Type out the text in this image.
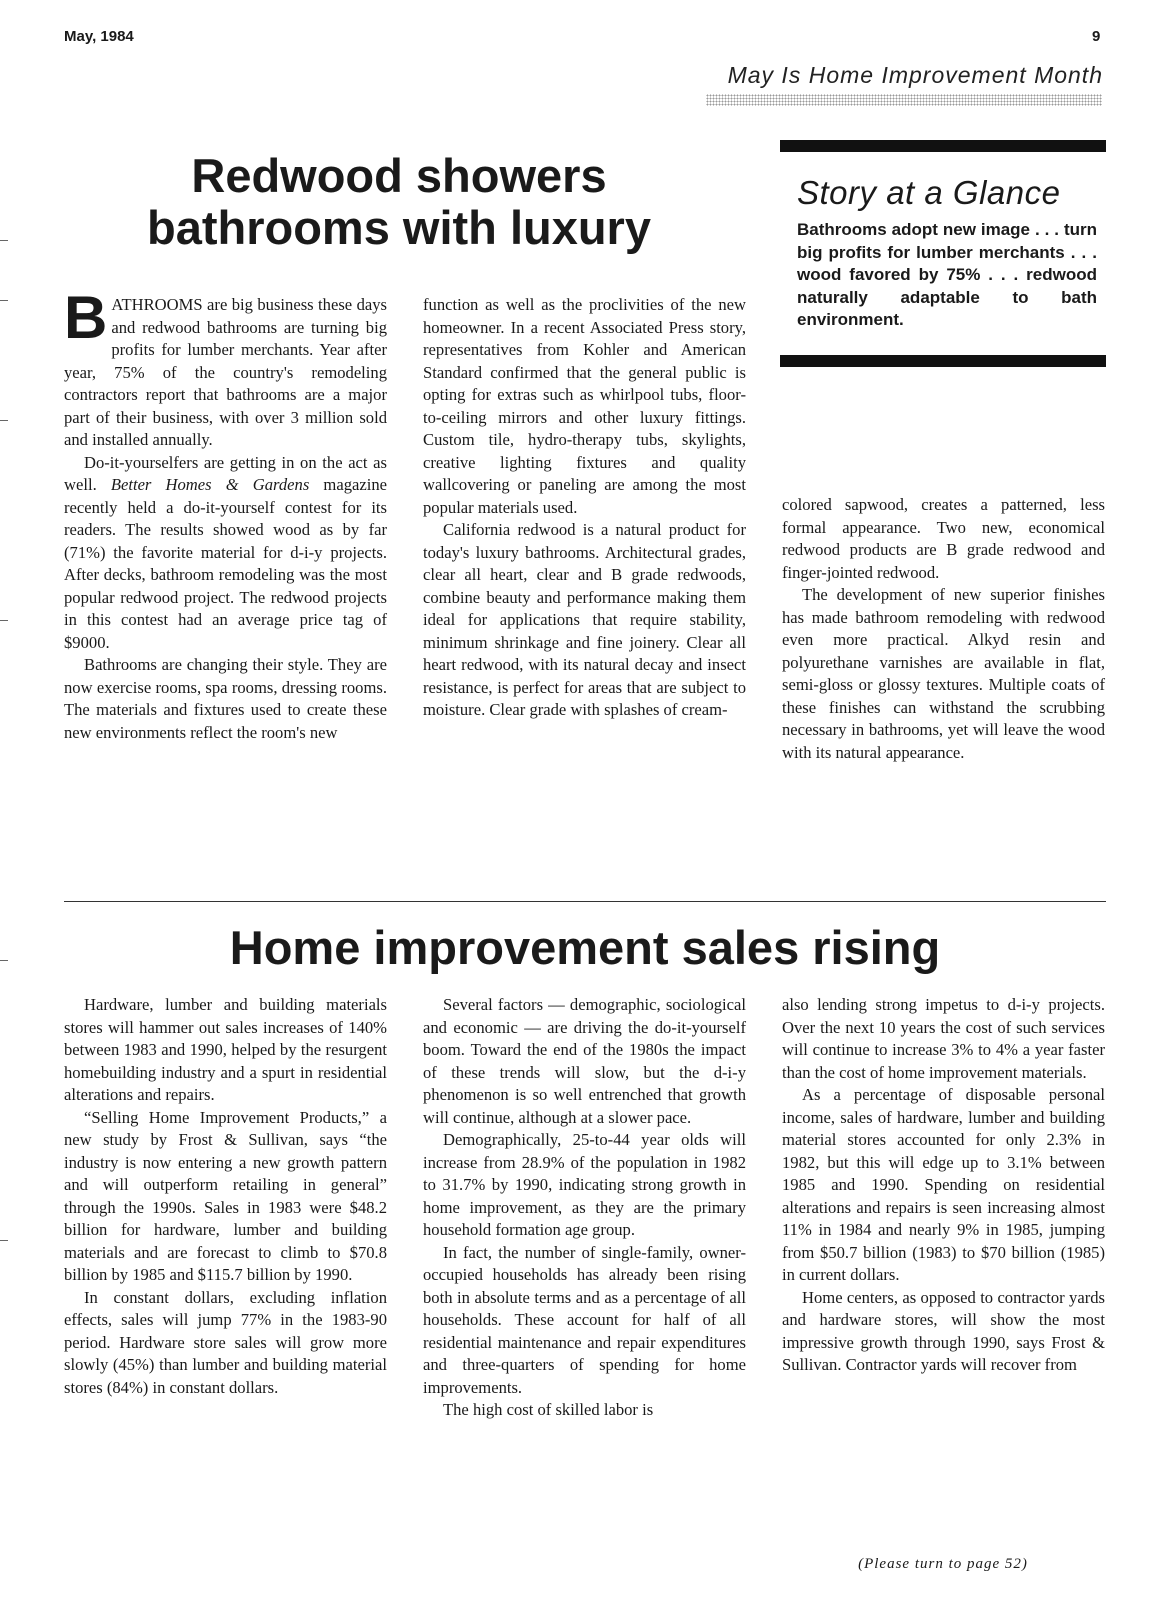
May, 1984	9
May Is Home Improvement Month
Redwood showers
bathrooms with luxury

BATHROOMS are big business these days and redwood bathrooms are turning big profits for lumber merchants. Year after year, 75% of the country's remodeling contractors report that bathrooms are a major part of their business, with over 3 million sold and installed annually.

Do-it-yourselfers are getting in on the act as well. Better Homes & Gardens magazine recently held a do-it-yourself contest for its readers. The results showed wood as by far (71%) the favorite material for d-i-y projects. After decks, bathroom remodeling was the most popular redwood project. The redwood projects in this contest had an average price tag of $9000.

Bathrooms are changing their style. They are now exercise rooms, spa rooms, dressing rooms. The materials and fixtures used to create these new environments reflect the room's new

function as well as the proclivities of the new homeowner. In a recent Associated Press story, representatives from Kohler and American Standard confirmed that the general public is opting for extras such as whirlpool tubs, floor-to-ceiling mirrors and other luxury fittings. Custom tile, hydro-therapy tubs, skylights, creative lighting fixtures and quality wallcovering or paneling are among the most popular materials used.

California redwood is a natural product for today's luxury bathrooms. Architectural grades, clear all heart, clear and B grade redwoods, combine beauty and performance making them ideal for applications that require stability, minimum shrinkage and fine joinery. Clear all heart redwood, with its natural decay and insect resistance, is perfect for areas that are subject to moisture. Clear grade with splashes of cream-

Story at a Glance
Bathrooms adopt new image . . . turn big profits for lumber merchants . . . wood favored by 75% . . . redwood naturally adaptable to bath environment.

colored sapwood, creates a patterned, less formal appearance. Two new, economical redwood products are B grade redwood and finger-jointed redwood.

The development of new superior finishes has made bathroom remodeling with redwood even more practical. Alkyd resin and polyurethane varnishes are available in flat, semi-gloss or glossy textures. Multiple coats of these finishes can withstand the scrubbing necessary in bathrooms, yet will leave the wood with its natural appearance.

Home improvement sales rising

Hardware, lumber and building materials stores will hammer out sales increases of 140% between 1983 and 1990, helped by the resurgent homebuilding industry and a spurt in residential alterations and repairs.

“Selling Home Improvement Products,” a new study by Frost & Sullivan, says “the industry is now entering a new growth pattern and will outperform retailing in general” through the 1990s. Sales in 1983 were $48.2 billion for hardware, lumber and building materials and are forecast to climb to $70.8 billion by 1985 and $115.7 billion by 1990.

In constant dollars, excluding inflation effects, sales will jump 77% in the 1983-90 period. Hardware store sales will grow more slowly (45%) than lumber and building material stores (84%) in constant dollars.

Several factors — demographic, sociological and economic — are driving the do-it-yourself boom. Toward the end of the 1980s the impact of these trends will slow, but the d-i-y phenomenon is so well entrenched that growth will continue, although at a slower pace.

Demographically, 25-to-44 year olds will increase from 28.9% of the population in 1982 to 31.7% by 1990, indicating strong growth in home improvement, as they are the primary household formation age group.

In fact, the number of single-family, owner-occupied households has already been rising both in absolute terms and as a percentage of all households. These account for half of all residential maintenance and repair expenditures and three-quarters of spending for home improvements.

The high cost of skilled labor is

also lending strong impetus to d-i-y projects. Over the next 10 years the cost of such services will continue to increase 3% to 4% a year faster than the cost of home improvement materials.

As a percentage of disposable personal income, sales of hardware, lumber and building material stores accounted for only 2.3% in 1982, but this will edge up to 3.1% between 1985 and 1990. Spending on residential alterations and repairs is seen increasing almost 11% in 1984 and nearly 9% in 1985, jumping from $50.7 billion (1983) to $70 billion (1985) in current dollars.

Home centers, as opposed to contractor yards and hardware stores, will show the most impressive growth through 1990, says Frost & Sullivan. Contractor yards will recover from

(Please turn to page 52)
